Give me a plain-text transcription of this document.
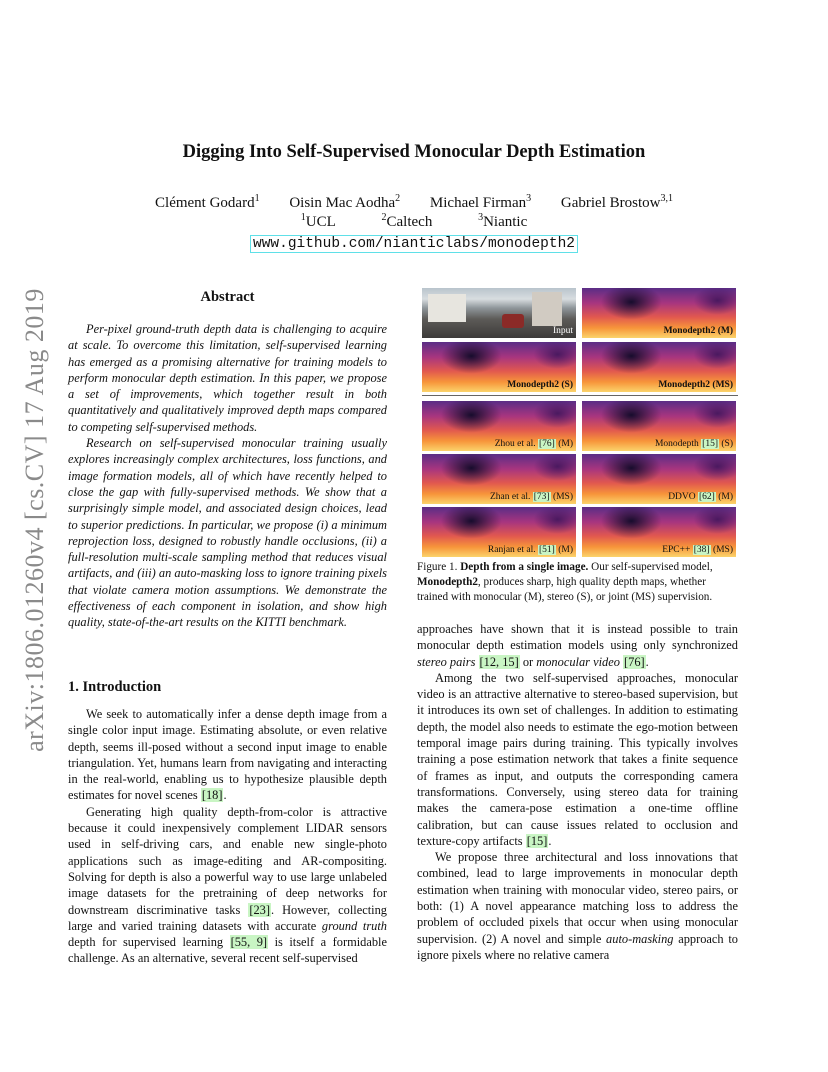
arXiv:1806.01260v4 [cs.CV] 17 Aug 2019
Digging Into Self-Supervised Monocular Depth Estimation
Clément Godard$^1$ Oisin Mac Aodha$^2$ Michael Firman$^3$ Gabriel Brostow$^{3,1}$
$^1$UCL	$^2$Caltech	$^3$Niantic
www.github.com/nianticlabs/monodepth2
Abstract

Per-pixel ground-truth depth data is challenging to acquire at scale. To overcome this limitation, self-supervised learning has emerged as a promising alternative for training models to perform monocular depth estimation. In this paper, we propose a set of improvements, which together result in both quantitatively and qualitatively improved depth maps compared to competing self-supervised methods.

Research on self-supervised monocular training usually explores increasingly complex architectures, loss functions, and image formation models, all of which have recently helped to close the gap with fully-supervised methods. We show that a surprisingly simple model, and associated design choices, lead to superior predictions. In particular, we propose (i) a minimum reprojection loss, designed to robustly handle occlusions, (ii) a full-resolution multi-scale sampling method that reduces visual artifacts, and (iii) an auto-masking loss to ignore training pixels that violate camera motion assumptions. We demonstrate the effectiveness of each component in isolation, and show high quality, state-of-the-art results on the KITTI benchmark.

1. Introduction

We seek to automatically infer a dense depth image from a single color input image. Estimating absolute, or even relative depth, seems ill-posed without a second input image to enable triangulation. Yet, humans learn from navigating and interacting in the real-world, enabling us to hypothesize plausible depth estimates for novel scenes [18].

Generating high quality depth-from-color is attractive because it could inexpensively complement LIDAR sensors used in self-driving cars, and enable new single-photo applications such as image-editing and AR-compositing. Solving for depth is also a powerful way to use large unlabeled image datasets for the pretraining of deep networks for downstream discriminative tasks [23]. However, collecting large and varied training datasets with accurate ground truth depth for supervised learning [55, 9] is itself a formidable challenge. As an alternative, several recent self-supervised

Input	Monodepth2 (M)
Monodepth2 (S)	Monodepth2 (MS)
Zhou et al. [76] (M)	Monodepth [15] (S)
Zhan et al. [73] (MS)	DDVO [62] (M)
Ranjan et al. [51] (M)	EPC++ [38] (MS)
Figure 1. Depth from a single image. Our self-supervised model, Monodepth2, produces sharp, high quality depth maps, whether trained with monocular (M), stereo (S), or joint (MS) supervision.

approaches have shown that it is instead possible to train monocular depth estimation models using only synchronized stereo pairs [12, 15] or monocular video [76].

Among the two self-supervised approaches, monocular video is an attractive alternative to stereo-based supervision, but it introduces its own set of challenges. In addition to estimating depth, the model also needs to estimate the ego-motion between temporal image pairs during training. This typically involves training a pose estimation network that takes a finite sequence of frames as input, and outputs the corresponding camera transformations. Conversely, using stereo data for training makes the camera-pose estimation a one-time offline calibration, but can cause issues related to occlusion and texture-copy artifacts [15].

We propose three architectural and loss innovations that combined, lead to large improvements in monocular depth estimation when training with monocular video, stereo pairs, or both: (1) A novel appearance matching loss to address the problem of occluded pixels that occur when using monocular supervision. (2) A novel and simple auto-masking approach to ignore pixels where no relative camera
